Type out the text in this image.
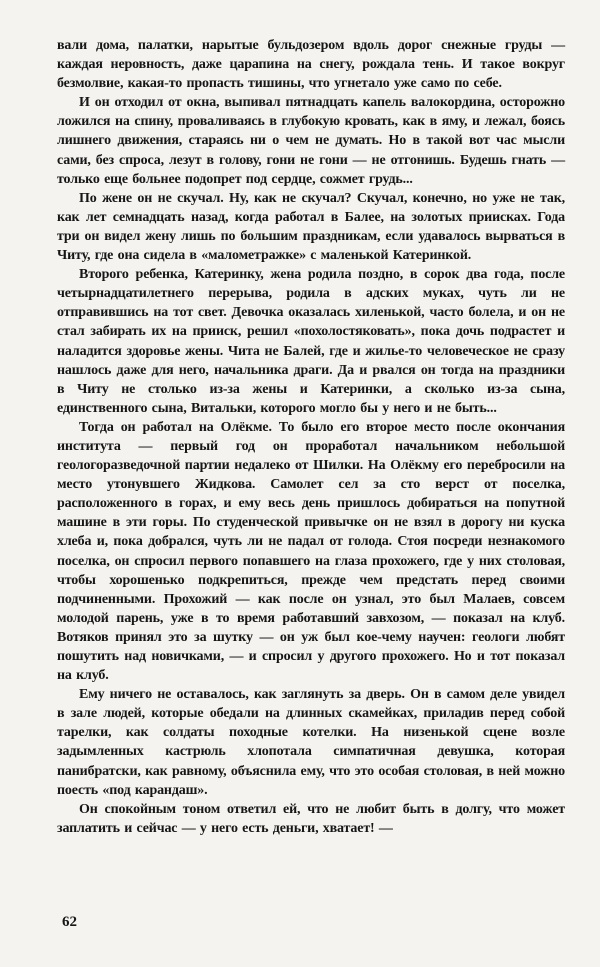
вали дома, палатки, нарытые бульдозером вдоль дорог снежные груды — каждая неровность, даже царапина на снегу, рождала тень. И такое вокруг безмолвие, какая-то пропасть тишины, что угнетало уже само по себе.

И он отходил от окна, выпивал пятнадцать капель валокордина, осторожно ложился на спину, проваливаясь в глубокую кровать, как в яму, и лежал, боясь лишнего движения, стараясь ни о чем не думать. Но в такой вот час мысли сами, без спроса, лезут в голову, гони не гони — не отгонишь. Будешь гнать — только еще больнее подопрет под сердце, сожмет грудь...

По жене он не скучал. Ну, как не скучал? Скучал, конечно, но уже не так, как лет семнадцать назад, когда работал в Балее, на золотых приисках. Года три он видел жену лишь по большим праздникам, если удавалось вырваться в Читу, где она сидела в «малометражке» с маленькой Катеринкой.

Второго ребенка, Катеринку, жена родила поздно, в сорок два года, после четырнадцатилетнего перерыва, родила в адских муках, чуть ли не отправившись на тот свет. Девочка оказалась хиленькой, часто болела, и он не стал забирать их на прииск, решил «похолостяковать», пока дочь подрастет и наладится здоровье жены. Чита не Балей, где и жилье-то человеческое не сразу нашлось даже для него, начальника драги. Да и рвался он тогда на праздники в Читу не столько из-за жены и Катеринки, а сколько из-за сына, единственного сына, Витальки, которого могло бы у него и не быть...

Тогда он работал на Олёкме. То было его второе место после окончания института — первый год он проработал начальником небольшой геологоразведочной партии недалеко от Шилки. На Олёкму его перебросили на место утонувшего Жидкова. Самолет сел за сто верст от поселка, расположенного в горах, и ему весь день пришлось добираться на попутной машине в эти горы. По студенческой привычке он не взял в дорогу ни куска хлеба и, пока добрался, чуть ли не падал от голода. Стоя посреди незнакомого поселка, он спросил первого попавшего на глаза прохожего, где у них столовая, чтобы хорошенько подкрепиться, прежде чем предстать перед своими подчиненными. Прохожий — как после он узнал, это был Малаев, совсем молодой парень, уже в то время работавший завхозом, — показал на клуб. Вотяков принял это за шутку — он уж был кое-чему научен: геологи любят пошутить над новичками, — и спросил у другого прохожего. Но и тот показал на клуб.

Ему ничего не оставалось, как заглянуть за дверь. Он в самом деле увидел в зале людей, которые обедали на длинных скамейках, приладив перед собой тарелки, как солдаты походные котелки. На низенькой сцене возле задымленных кастрюль хлопотала симпатичная девушка, которая панибратски, как равному, объяснила ему, что это особая столовая, в ней можно поесть «под карандаш».

Он спокойным тоном ответил ей, что не любит быть в долгу, что может заплатить и сейчас — у него есть деньги, хватает! —

62
